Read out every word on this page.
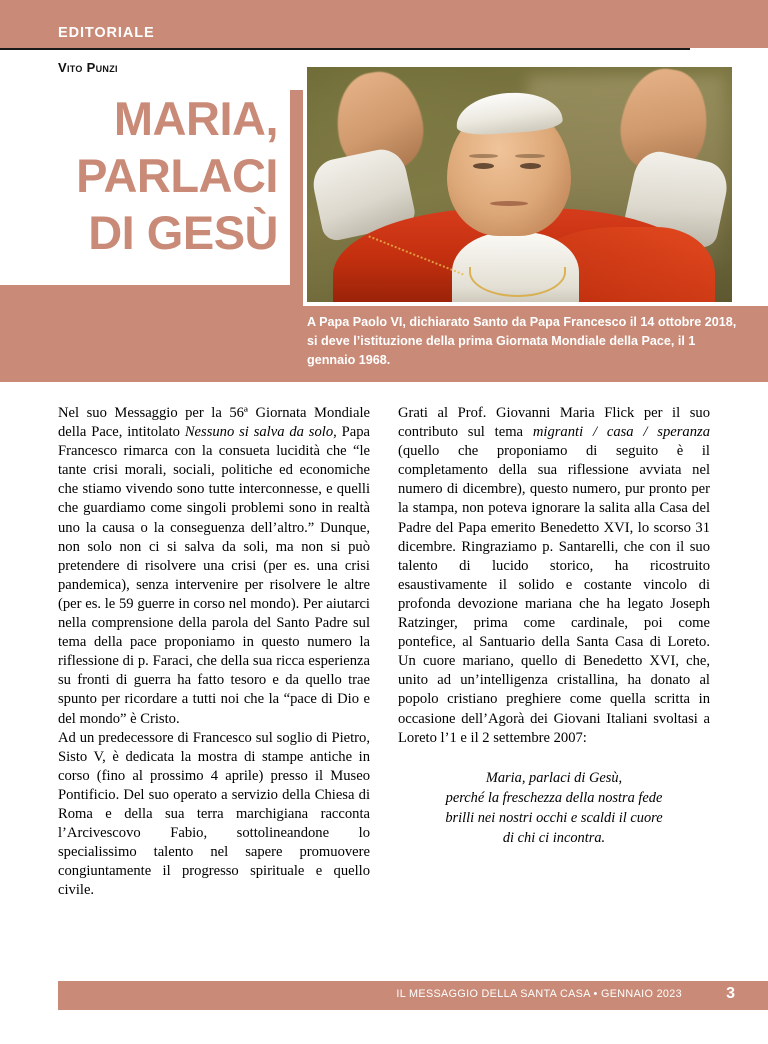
EDITORIALE
Vito Punzi
MARIA,
PARLACI
DI GESÙ
A Papa Paolo VI, dichiarato Santo da Papa Francesco il 14 ottobre 2018, si deve l’istituzione della prima Giornata Mondiale della Pace, il 1 gennaio 1968.

Nel suo Messaggio per la 56ª Giornata Mondiale della Pace, intitolato Nessuno si salva da solo, Papa Francesco rimarca con la consueta lucidità che “le tante crisi morali, sociali, politiche ed economiche che stiamo vivendo sono tutte interconnesse, e quelli che guardiamo come singoli problemi sono in realtà uno la causa o la conseguenza dell’altro.” Dunque, non solo non ci si salva da soli, ma non si può pretendere di risolvere una crisi (per es. una crisi pandemica), senza intervenire per risolvere le altre (per es. le 59 guerre in corso nel mondo). Per aiutarci nella comprensione della parola del Santo Padre sul tema della pace proponiamo in questo numero la riflessione di p. Faraci, che della sua ricca esperienza su fronti di guerra ha fatto tesoro e da quello trae spunto per ricordare a tutti noi che la “pace di Dio e del mondo” è Cristo.

Ad un predecessore di Francesco sul soglio di Pietro, Sisto V, è dedicata la mostra di stampe antiche in corso (fino al prossimo 4 aprile) presso il Museo Pontificio. Del suo operato a servizio della Chiesa di Roma e della sua terra marchigiana racconta l’Arcivescovo Fabio, sottolineandone lo specialissimo talento nel sapere promuovere congiuntamente il progresso spirituale e quello civile.

Grati al Prof. Giovanni Maria Flick per il suo contributo sul tema migranti / casa / speranza (quello che proponiamo di seguito è il completamento della sua riflessione avviata nel numero di dicembre), questo numero, pur pronto per la stampa, non poteva ignorare la salita alla Casa del Padre del Papa emerito Benedetto XVI, lo scorso 31 dicembre. Ringraziamo p. Santarelli, che con il suo talento di lucido storico, ha ricostruito esaustivamente il solido e costante vincolo di profonda devozione mariana che ha legato Joseph Ratzinger, prima come cardinale, poi come pontefice, al Santuario della Santa Casa di Loreto. Un cuore mariano, quello di Benedetto XVI, che, unito ad un’intelligenza cristallina, ha donato al popolo cristiano preghiere come quella scritta in occasione dell’Agorà dei Giovani Italiani svoltasi a Loreto l’1 e il 2 settembre 2007:

Maria, parlaci di Gesù,
perché la freschezza della nostra fede
brilli nei nostri occhi e scaldi il cuore
di chi ci incontra.
IL MESSAGGIO DELLA SANTA CASA • GENNAIO 2023	3
